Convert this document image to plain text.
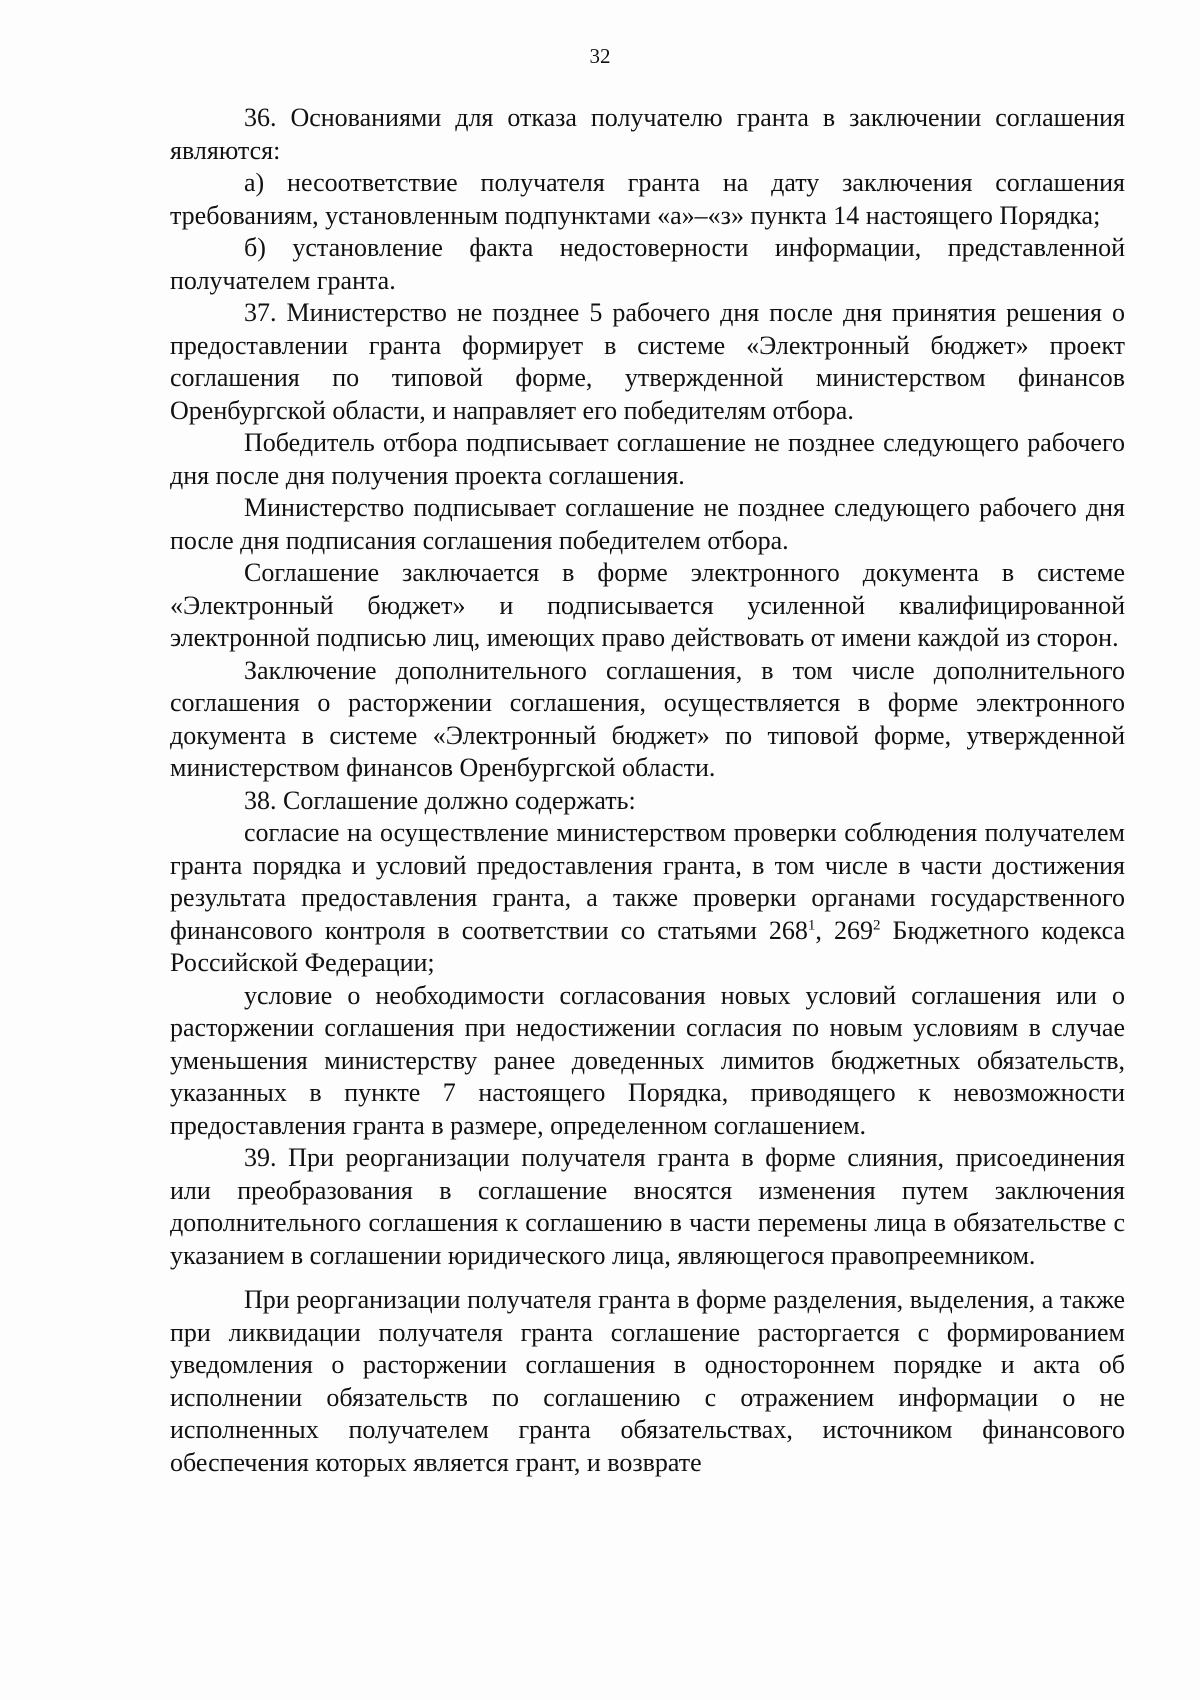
32

36. Основаниями для отказа получателю гранта в заключении соглашения являются:

а) несоответствие получателя гранта на дату заключения соглашения требованиям, установленным подпунктами «а»–«з» пункта 14 настоящего Порядка;

б) установление факта недостоверности информации, представленной получателем гранта.

37. Министерство не позднее 5 рабочего дня после дня принятия решения о предоставлении гранта формирует в системе «Электронный бюджет» проект соглашения по типовой форме, утвержденной министерством финансов Оренбургской области, и направляет его победителям отбора.

Победитель отбора подписывает соглашение не позднее следующего рабочего дня после дня получения проекта соглашения.

Министерство подписывает соглашение не позднее следующего рабочего дня после дня подписания соглашения победителем отбора.

Соглашение заключается в форме электронного документа в системе «Электронный бюджет» и подписывается усиленной квалифицированной электронной подписью лиц, имеющих право действовать от имени каждой из сторон.

Заключение дополнительного соглашения, в том числе дополнительного соглашения о расторжении соглашения, осуществляется в форме электронного документа в системе «Электронный бюджет» по типовой форме, утвержденной министерством финансов Оренбургской области.

38. Соглашение должно содержать:

согласие на осуществление министерством проверки соблюдения получателем гранта порядка и условий предоставления гранта, в том числе в части достижения результата предоставления гранта, а также проверки органами государственного финансового контроля в соответствии со статьями $268^1$, $269^2$ Бюджетного кодекса Российской Федерации;

условие о необходимости согласования новых условий соглашения или о расторжении соглашения при недостижении согласия по новым условиям в случае уменьшения министерству ранее доведенных лимитов бюджетных обязательств, указанных в пункте 7 настоящего Порядка, приводящего к невозможности предоставления гранта в размере, определенном соглашением.

39. При реорганизации получателя гранта в форме слияния, присоединения или преобразования в соглашение вносятся изменения путем заключения дополнительного соглашения к соглашению в части перемены лица в обязательстве с указанием в соглашении юридического лица, являющегося правопреемником.

При реорганизации получателя гранта в форме разделения, выделения, а также при ликвидации получателя гранта соглашение расторгается с формированием уведомления о расторжении соглашения в одностороннем порядке и акта об исполнении обязательств по соглашению с отражением информации о не исполненных получателем гранта обязательствах, источником финансового обеспечения которых является грант, и возврате
